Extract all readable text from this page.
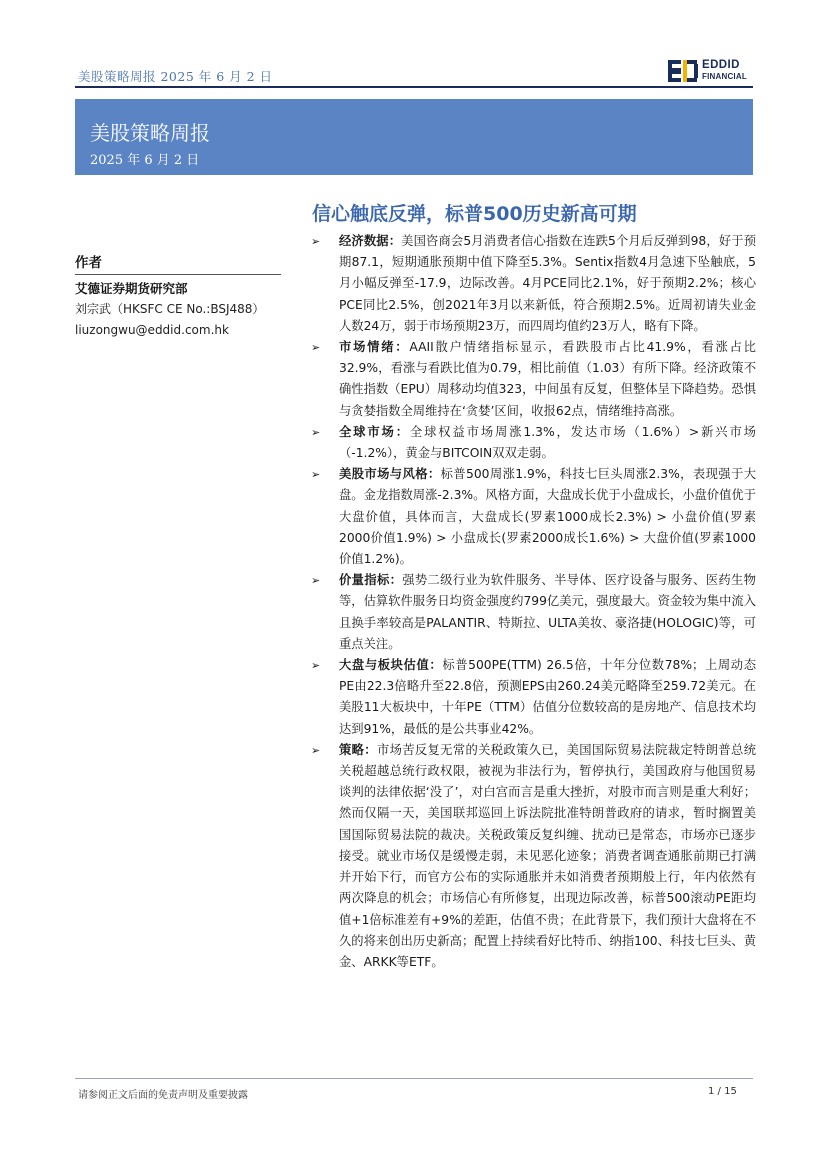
美股策略周报 2025 年 6 月 2 日
EDDID
FINANCIAL
美股策略周报
2025 年 6 月 2 日
信心触底反弹，标普500历史新高可期
作者
艾德证券期货研究部
刘宗武（HKSFC CE No.:BSJ488）
liuzongwu@eddid.com.hk
➢ 经济数据：美国咨商会5月消费者信心指数在连跌5个月后反弹到98，好于预期87.1，短期通胀预期中值下降至5.3%。Sentix指数4月急速下坠触底，5月小幅反弹至-17.9，边际改善。4月PCE同比2.1%，好于预期2.2%；核心PCE同比2.5%，创2021年3月以来新低，符合预期2.5%。近周初请失业金人数24万，弱于市场预期23万，而四周均值约23万人，略有下降。
➢ 市场情绪：AAII散户情绪指标显示，看跌股市占比41.9%，看涨占比32.9%，看涨与看跌比值为0.79，相比前值（1.03）有所下降。经济政策不确性指数（EPU）周移动均值323，中间虽有反复，但整体呈下降趋势。恐惧与贪婪指数全周维持在‘贪婪’区间，收报62点，情绪维持高涨。
➢ 全球市场：全球权益市场周涨1.3%，发达市场（1.6%）>新兴市场（-1.2%），黄金与BITCOIN双双走弱。
➢ 美股市场与风格：标普500周涨1.9%，科技七巨头周涨2.3%，表现强于大盘。金龙指数周涨-2.3%。风格方面，大盘成长优于小盘成长，小盘价值优于大盘价值，具体而言，大盘成长(罗素1000成长2.3%) > 小盘价值(罗素2000价值1.9%) > 小盘成长(罗素2000成长1.6%) > 大盘价值(罗素1000价值1.2%)。
➢ 价量指标：强势二级行业为软件服务、半导体、医疗设备与服务、医药生物等，估算软件服务日均资金强度约799亿美元，强度最大。资金较为集中流入且换手率较高是PALANTIR、特斯拉、ULTA美妆、豪洛捷(HOLOGIC)等，可重点关注。
➢ 大盘与板块估值：标普500PE(TTM) 26.5倍，十年分位数78%；上周动态PE由22.3倍略升至22.8倍，预测EPS由260.24美元略降至259.72美元。在美股11大板块中，十年PE（TTM）估值分位数较高的是房地产、信息技术均达到91%，最低的是公共事业42%。
➢ 策略：市场苦反复无常的关税政策久已，美国国际贸易法院裁定特朗普总统关税超越总统行政权限，被视为非法行为，暂停执行，美国政府与他国贸易谈判的法律依据‘没了’，对白宫而言是重大挫折，对股市而言则是重大利好；然而仅隔一天，美国联邦巡回上诉法院批准特朗普政府的请求，暂时搁置美国国际贸易法院的裁决。关税政策反复纠缠、扰动已是常态，市场亦已逐步接受。就业市场仅是缓慢走弱，未见恶化迹象；消费者调查通胀前期已打满并开始下行，而官方公布的实际通胀并未如消费者预期般上行，年内依然有两次降息的机会；市场信心有所修复，出现边际改善，标普500滚动PE距均值+1倍标准差有+9%的差距，估值不贵；在此背景下，我们预计大盘将在不久的将来创出历史新高；配置上持续看好比特币、纳指100、科技七巨头、黄金、ARKK等ETF。
请参阅正文后面的免责声明及重要披露	1 / 15
